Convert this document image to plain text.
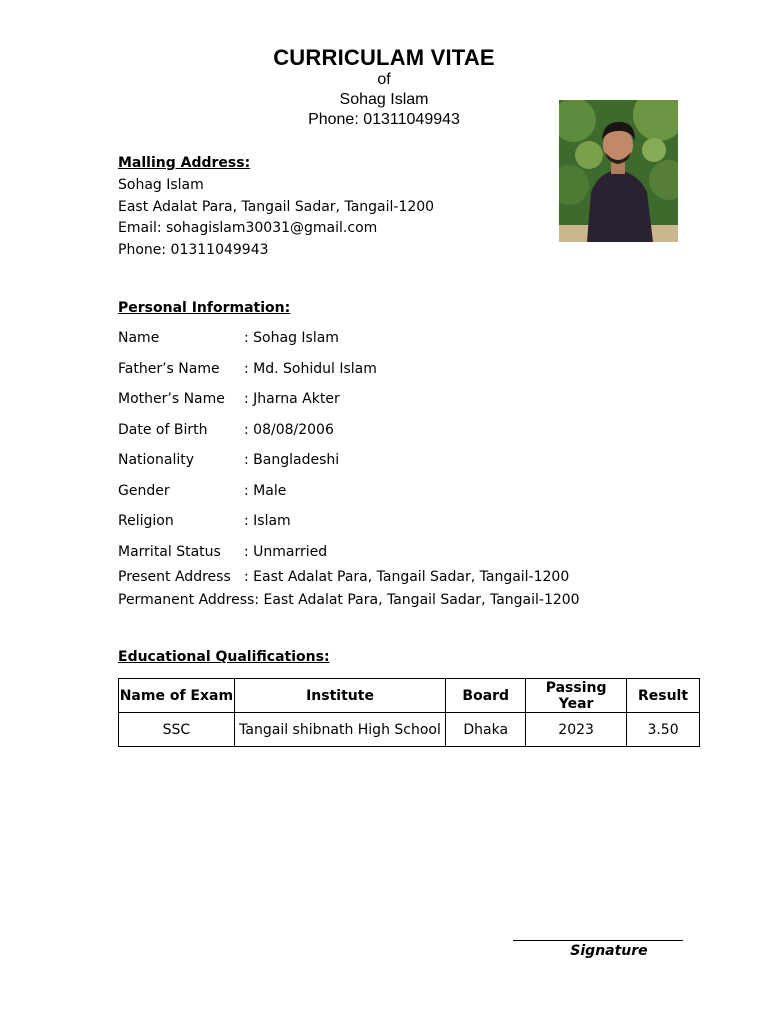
CURRICULAM VITAE
of
Sohag Islam
Phone: 01311049943
Malling Address:
Sohag Islam
East Adalat Para, Tangail Sadar, Tangail-1200
Email: sohagislam30031@gmail.com
Phone: 01311049943
Personal Information:
Name	: Sohag Islam
Father’s Name : Md. Sohidul Islam
Mother’s Name : Jharna Akter
Date of Birth	: 08/08/2006
Nationality	: Bangladeshi
Gender	: Male
Religion	: Islam
Marrital Status : Unmarried
Present Address : East Adalat Para, Tangail Sadar, Tangail-1200
Permanent Address: East Adalat Para, Tangail Sadar, Tangail-1200
Educational Qualifications:
Name of Exam	Institute	Board	Passing Year	Result
SSC	Tangail shibnath High School	Dhaka	2023	3.50
Signature
